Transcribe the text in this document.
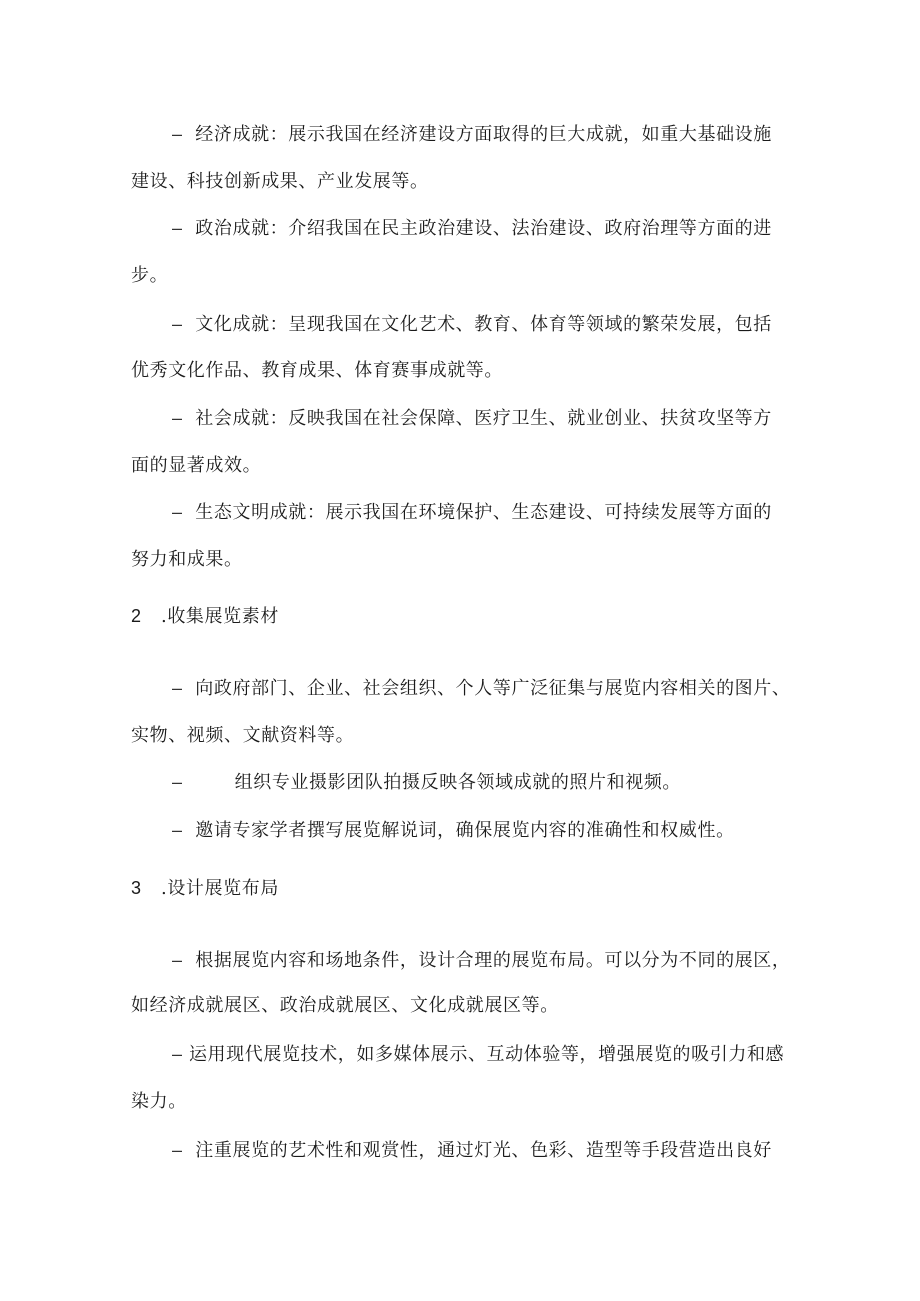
– 经济成就：展示我国在经济建设方面取得的巨大成就，如重大基础设施
建设、科技创新成果、产业发展等。
– 政治成就：介绍我国在民主政治建设、法治建设、政府治理等方面的进
步。
– 文化成就：呈现我国在文化艺术、教育、体育等领域的繁荣发展，包括
优秀文化作品、教育成果、体育赛事成就等。
– 社会成就：反映我国在社会保障、医疗卫生、就业创业、扶贫攻坚等方
面的显著成效。
– 生态文明成就：展示我国在环境保护、生态建设、可持续发展等方面的
努力和成果。
2 .收集展览素材
– 向政府部门、企业、社会组织、个人等广泛征集与展览内容相关的图片、
实物、视频、文献资料等。
–	组织专业摄影团队拍摄反映各领域成就的照片和视频。
– 邀请专家学者撰写展览解说词，确保展览内容的准确性和权威性。
3 .设计展览布局
– 根据展览内容和场地条件，设计合理的展览布局。可以分为不同的展区，
如经济成就展区、政治成就展区、文化成就展区等。
– 运用现代展览技术，如多媒体展示、互动体验等，增强展览的吸引力和感
染力。
– 注重展览的艺术性和观赏性，通过灯光、色彩、造型等手段营造出良好
